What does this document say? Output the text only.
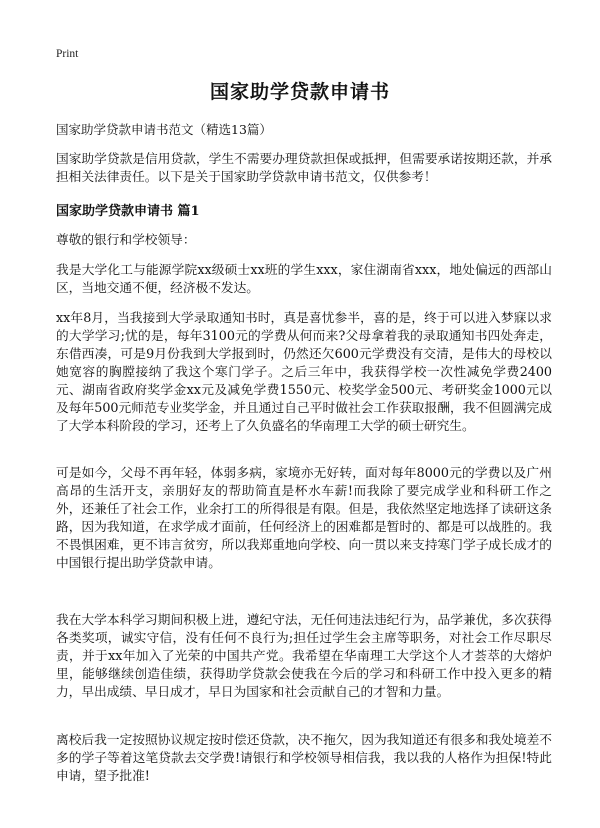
Print
国家助学贷款申请书
国家助学贷款申请书范文（精选13篇）

国家助学贷款是信用贷款，学生不需要办理贷款担保或抵押，但需要承诺按期还款，并承担相关法律责任。以下是关于国家助学贷款申请书范文，仅供参考！

国家助学贷款申请书 篇1

尊敬的银行和学校领导：

我是大学化工与能源学院xx级硕士xx班的学生xxx，家住湖南省xxx，地处偏远的西部山区，当地交通不便，经济极不发达。

xx年8月，当我接到大学录取通知书时，真是喜忧参半，喜的是，终于可以进入梦寐以求的大学学习;忧的是，每年3100元的学费从何而来?父母拿着我的录取通知书四处奔走，东借西凑，可是9月份我到大学报到时，仍然还欠600元学费没有交清，是伟大的母校以她宽容的胸膛接纳了我这个寒门学子。之后三年中，我获得学校一次性减免学费2400元、湖南省政府奖学金xx元及减免学费1550元、校奖学金500元、考研奖金1000元以及每年500元师范专业奖学金，并且通过自己平时做社会工作获取报酬，我不但圆满完成了大学本科阶段的学习，还考上了久负盛名的华南理工大学的硕士研究生。

可是如今，父母不再年轻，体弱多病，家境亦无好转，面对每年8000元的学费以及广州高昂的生活开支，亲朋好友的帮助简直是杯水车薪!而我除了要完成学业和科研工作之外，还兼任了社会工作，业余打工的所得很是有限。但是，我依然坚定地选择了读研这条路，因为我知道，在求学成才面前，任何经济上的困难都是暂时的、都是可以战胜的。我不畏惧困难，更不讳言贫穷，所以我郑重地向学校、向一贯以来支持寒门学子成长成才的中国银行提出助学贷款申请。

我在大学本科学习期间积极上进，遵纪守法，无任何违法违纪行为，品学兼优，多次获得各类奖项，诚实守信，没有任何不良行为;担任过学生会主席等职务，对社会工作尽职尽责，并于xx年加入了光荣的中国共产党。我希望在华南理工大学这个人才荟萃的大熔炉里，能够继续创造佳绩，获得助学贷款会使我在今后的学习和科研工作中投入更多的精力，早出成绩、早日成才，早日为国家和社会贡献自己的才智和力量。

离校后我一定按照协议规定按时偿还贷款，决不拖欠，因为我知道还有很多和我处境差不多的学子等着这笔贷款去交学费!请银行和学校领导相信我，我以我的人格作为担保!特此申请，望予批准!
